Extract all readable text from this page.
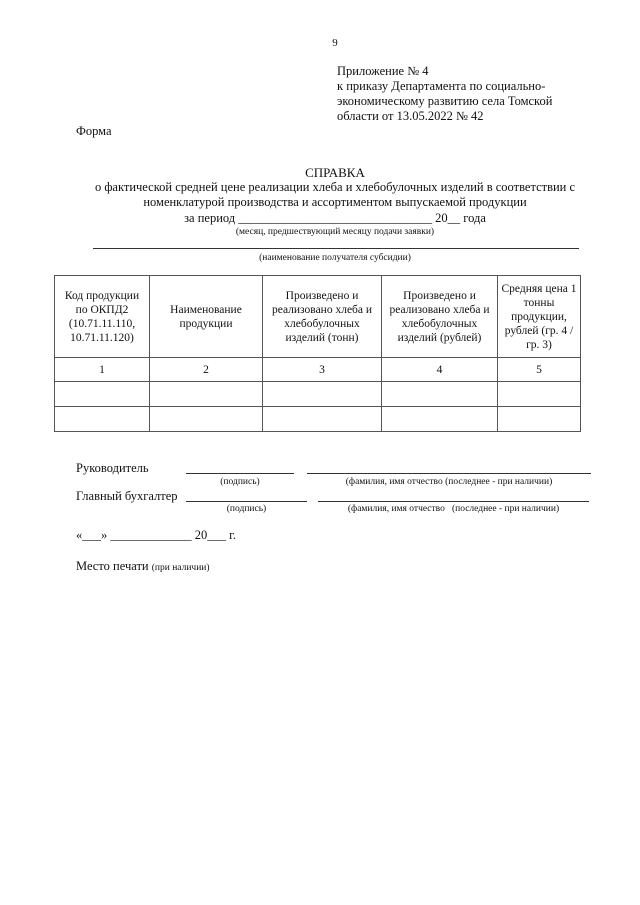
9
Приложение № 4
к приказу Департамента по социально-
экономическому развитию села Томской
области от 13.05.2022 № 42
Форма
СПРАВКА
о фактической средней цене реализации хлеба и хлебобулочных изделий в соответствии с
номенклатурой производства и ассортиментом выпускаемой продукции
за период _______________________________ 20__ года
(месяц, предшествующий месяцу подачи заявки)
(наименование получателя субсидии)
Код продукции по ОКПД2 (10.71.11.110, 10.71.11.120)	Наименование продукции	Произведено и реализовано хлеба и хлебобулочных изделий (тонн)	Произведено и реализовано хлеба и хлебобулочных изделий (рублей)	Средняя цена 1 тонны продукции, рублей (гр. 4 / гр. 3)
1	2	3	4	5

Руководитель
(подпись)	(фамилия, имя отчество (последнее - при наличии)
Главный бухгалтер
(подпись)	(фамилия, имя отчество   (последнее - при наличии)
«___» _____________ 20___ г.
Место печати (при наличии)
